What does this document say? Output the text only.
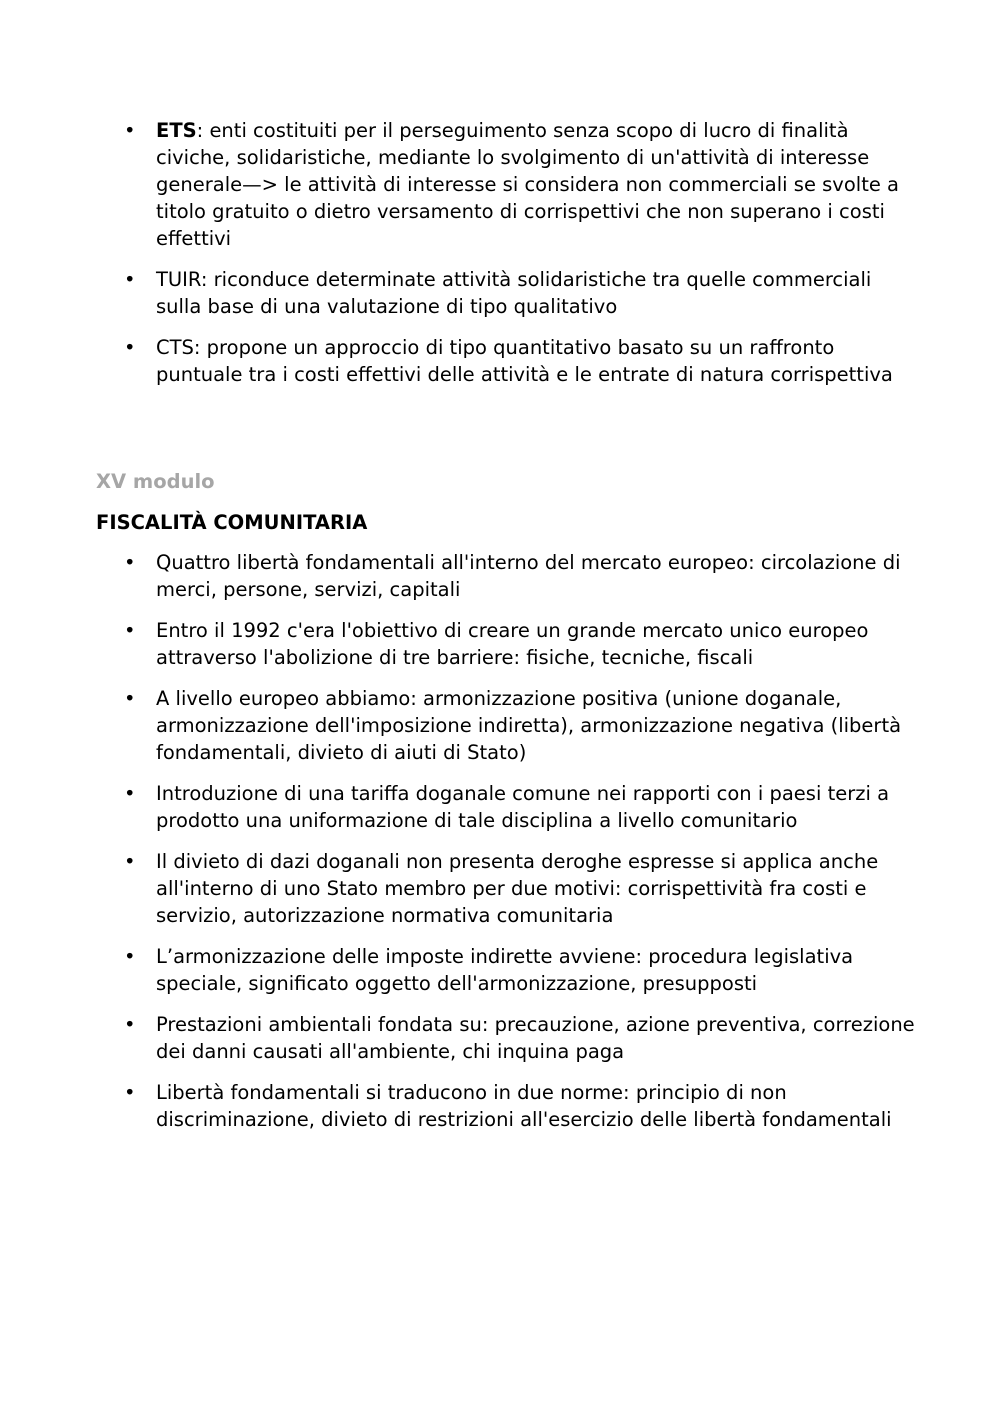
• ETS: enti costituiti per il perseguimento senza scopo di lucro di finalità civiche, solidaristiche, mediante lo svolgimento di un'attività di interesse generale—> le attività di interesse si considera non commerciali se svolte a titolo gratuito o dietro versamento di corrispettivi che non superano i costi effettivi
• TUIR: riconduce determinate attività solidaristiche tra quelle commerciali sulla base di una valutazione di tipo qualitativo
• CTS: propone un approccio di tipo quantitativo basato su un raffronto puntuale tra i costi effettivi delle attività e le entrate di natura corrispettiva
XV modulo
FISCALITÀ COMUNITARIA
• Quattro libertà fondamentali all'interno del mercato europeo: circolazione di merci, persone, servizi, capitali
• Entro il 1992 c'era l'obiettivo di creare un grande mercato unico europeo attraverso l'abolizione di tre barriere: fisiche, tecniche, fiscali
• A livello europeo abbiamo: armonizzazione positiva (unione doganale, armonizzazione dell'imposizione indiretta), armonizzazione negativa (libertà fondamentali, divieto di aiuti di Stato)
• Introduzione di una tariffa doganale comune nei rapporti con i paesi terzi a prodotto una uniformazione di tale disciplina a livello comunitario
• Il divieto di dazi doganali non presenta deroghe espresse si applica anche all'interno di uno Stato membro per due motivi: corrispettività fra costi e servizio, autorizzazione normativa comunitaria
• L’armonizzazione delle imposte indirette avviene: procedura legislativa speciale, significato oggetto dell'armonizzazione, presupposti
• Prestazioni ambientali fondata su: precauzione, azione preventiva, correzione dei danni causati all'ambiente, chi inquina paga
• Libertà fondamentali si traducono in due norme: principio di non discriminazione, divieto di restrizioni all'esercizio delle libertà fondamentali
